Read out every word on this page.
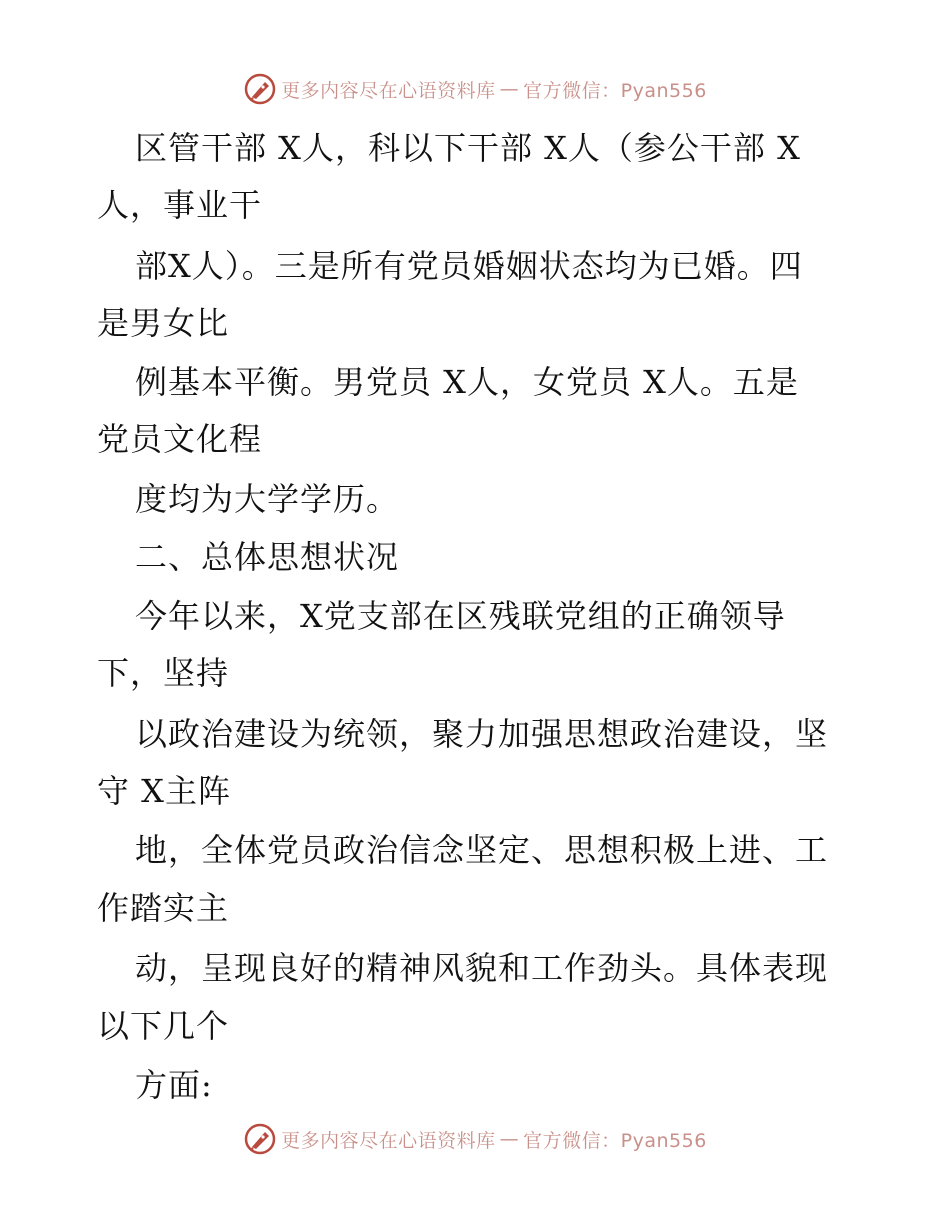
更多内容尽在心语资料库 — 官方微信：Pyan556
区管干部 X人，科以下干部 X人（参公干部 X
人，事业干
部X人）。三是所有党员婚姻状态均为已婚。四
是男女比
例基本平衡。男党员 X人，女党员 X人。五是
党员文化程
度均为大学学历。
二、总体思想状况
今年以来，X党支部在区残联党组的正确领导
下，坚持
以政治建设为统领，聚力加强思想政治建设，坚
守 X主阵
地，全体党员政治信念坚定、思想积极上进、工
作踏实主
动，呈现良好的精神风貌和工作劲头。具体表现
以下几个
方面:
更多内容尽在心语资料库 — 官方微信：Pyan556
